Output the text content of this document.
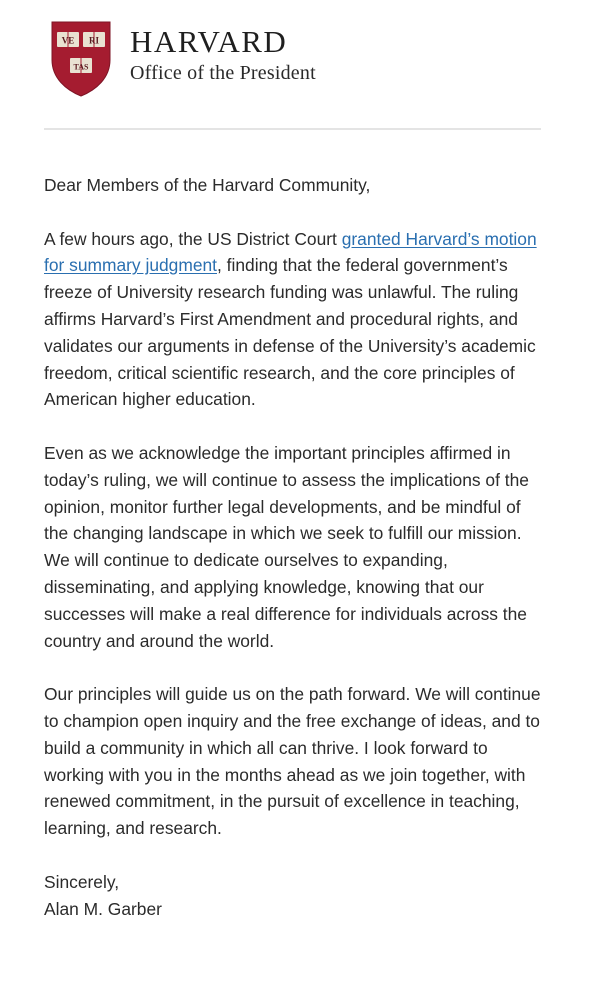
VE RI
TAS
HARVARD
Office of the President

Dear Members of the Harvard Community,

A few hours ago, the US District Court granted Harvard’s motion for summary judgment, finding that the federal government’s freeze of University research funding was unlawful. The ruling affirms Harvard’s First Amendment and procedural rights, and validates our arguments in defense of the University’s academic freedom, critical scientific research, and the core principles of American higher education.

Even as we acknowledge the important principles affirmed in today’s ruling, we will continue to assess the implications of the opinion, monitor further legal developments, and be mindful of the changing landscape in which we seek to fulfill our mission. We will continue to dedicate ourselves to expanding, disseminating, and applying knowledge, knowing that our successes will make a real difference for individuals across the country and around the world.

Our principles will guide us on the path forward. We will continue to champion open inquiry and the free exchange of ideas, and to build a community in which all can thrive. I look forward to working with you in the months ahead as we join together, with renewed commitment, in the pursuit of excellence in teaching, learning, and research.

Sincerely,

Alan M. Garber
